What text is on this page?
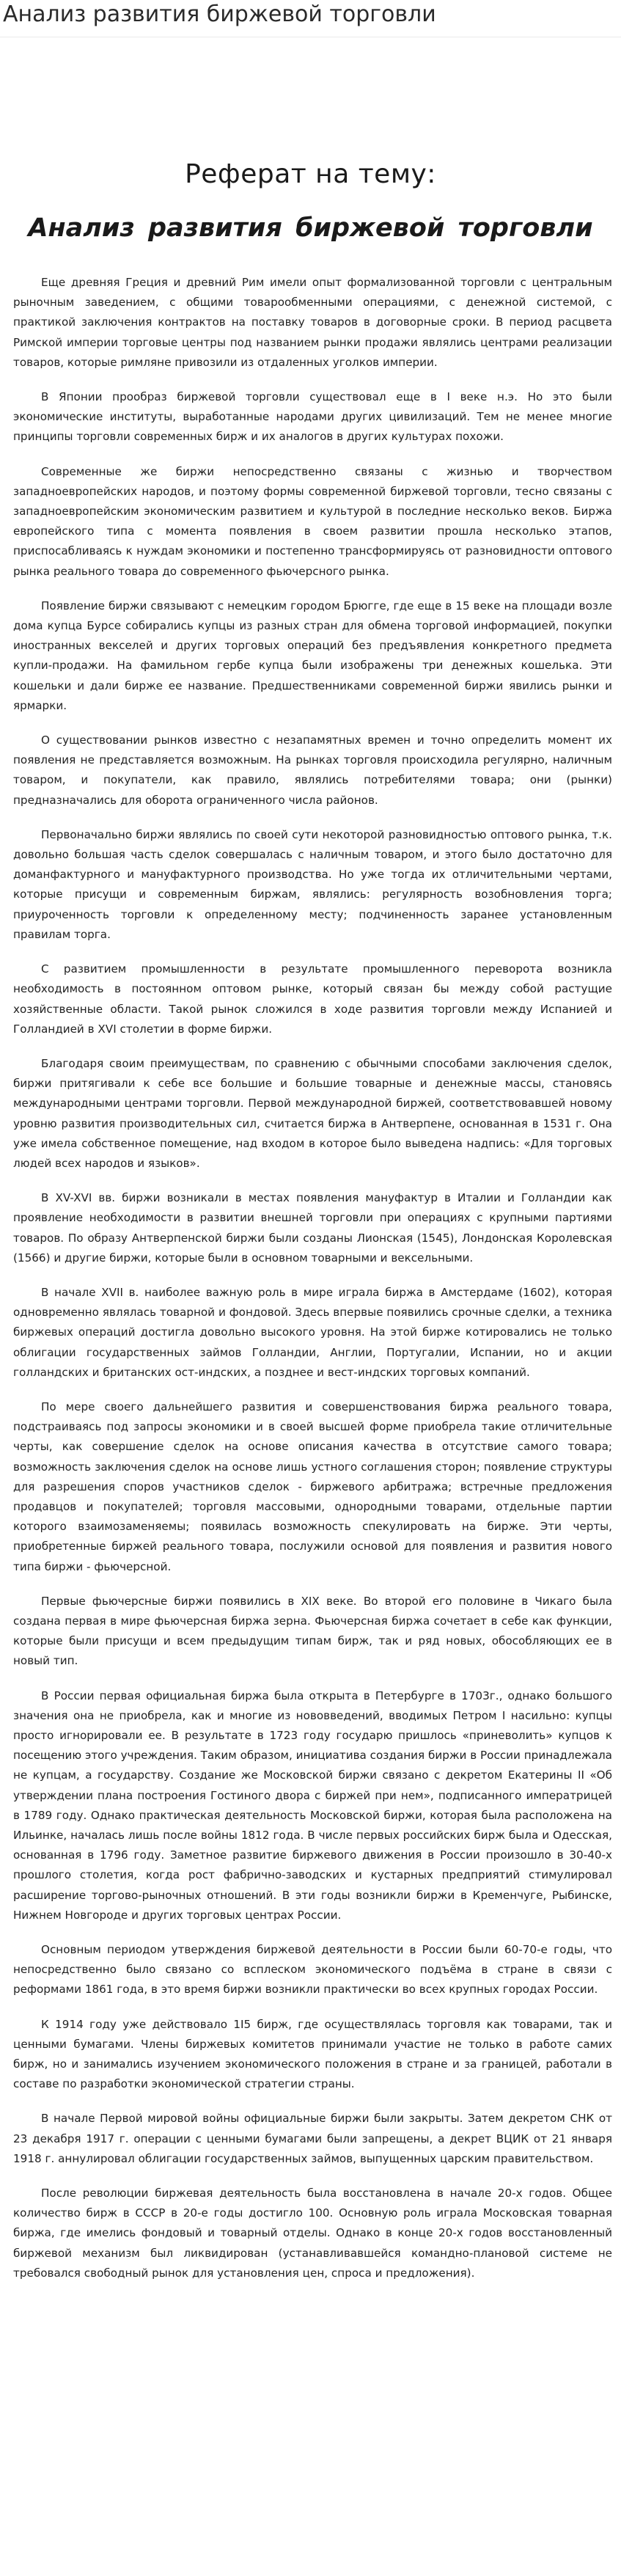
Анализ развития биржевой торговли
Реферат на тему:
Анализ развития биржевой торговли

Еще древняя Греция и древний Рим имели опыт формализованной торговли с центральным рыночным заведением, с общими товарообменными операциями, с денежной системой, с практикой заключения контрактов на поставку товаров в договорные сроки. В период расцвета Римской империи торговые центры под названием рынки продажи являлись центрами реализации товаров, которые римляне привозили из отдаленных уголков империи.

В Японии прообраз биржевой торговли существовал еще в I веке н.э. Но это были экономические институты, выработанные народами других цивилизаций. Тем не менее многие принципы торговли современных бирж и их аналогов в других культурах похожи.

Современные же биржи непосредственно связаны с жизнью и творчеством западноевропейских народов, и поэтому формы современной биржевой торговли, тесно связаны с западноевропейским экономическим развитием и культурой в последние несколько веков. Биржа европейского типа с момента появления в своем развитии прошла несколько этапов, приспосабливаясь к нуждам экономики и постепенно трансформируясь от разновидности оптового рынка реального товара до современного фьючерсного рынка.

Появление биржи связывают с немецким городом Брюгге, где еще в 15 веке на площади возле дома купца Бурсе собирались купцы из разных стран для обмена торговой информацией, покупки иностранных векселей и других торговых операций без предъявления конкретного предмета купли-продажи. На фамильном гербе купца были изображены три денежных кошелька. Эти кошельки и дали бирже ее название. Предшественниками современной биржи явились рынки и ярмарки.

О существовании рынков известно с незапамятных времен и точно определить момент их появления не представляется возможным. На рынках торговля происходила регулярно, наличным товаром, и покупатели, как правило, являлись потребителями товара; они (рынки) предназначались для оборота ограниченного числа районов.

Первоначально биржи являлись по своей сути некоторой разновидностью оптового рынка, т.к. довольно большая часть сделок совершалась с наличным товаром, и этого было достаточно для доманфактурного и мануфактурного производства. Но уже тогда их отличительными чертами, которые присущи и современным биржам, являлись: регулярность возобновления торга; приуроченность торговли к определенному месту; подчиненность заранее установленным правилам торга.

С развитием промышленности в результате промышленного переворота возникла необходимость в постоянном оптовом рынке, который связан бы между собой растущие хозяйственные области. Такой рынок сложился в ходе развития торговли между Испанией и Голландией в XVI столетии в форме биржи.

Благодаря своим преимуществам, по сравнению с обычными способами заключения сделок, биржи притягивали к себе все большие и большие товарные и денежные массы, становясь международными центрами торговли. Первой международной биржей, соответствовавшей новому уровню развития производительных сил, считается биржа в Антверпене, основанная в 1531 г. Она уже имела собственное помещение, над входом в которое было выведена надпись: «Для торговых людей всех народов и языков».

В XV-XVI вв. биржи возникали в местах появления мануфактур в Италии и Голландии как проявление необходимости в развитии внешней торговли при операциях с крупными партиями товаров. По образу Антверпенской биржи были созданы Лионская (1545), Лондонская Королевская (1566) и другие биржи, которые были в основном товарными и вексельными.

В начале XVII в. наиболее важную роль в мире играла биржа в Амстердаме (1602), которая одновременно являлась товарной и фондовой. Здесь впервые появились срочные сделки, а техника биржевых операций достигла довольно высокого уровня. На этой бирже котировались не только облигации государственных займов Голландии, Англии, Португалии, Испании, но и акции голландских и британских ост-индских, а позднее и вест-индских торговых компаний.

По мере своего дальнейшего развития и совершенствования биржа реального товара, подстраиваясь под запросы экономики и в своей высшей форме приобрела такие отличительные черты, как совершение сделок на основе описания качества в отсутствие самого товара; возможность заключения сделок на основе лишь устного соглашения сторон; появление структуры для разрешения споров участников сделок - биржевого арбитража; встречные предложения продавцов и покупателей; торговля массовыми, однородными товарами, отдельные партии которого взаимозаменяемы; появилась возможность спекулировать на бирже. Эти черты, приобретенные биржей реального товара, послужили основой для появления и развития нового типа биржи - фьючерсной.

Первые фьючерсные биржи появились в XIX веке. Во второй его половине в Чикаго была создана первая в мире фьючерсная биржа зерна. Фьючерсная биржа сочетает в себе как функции, которые были присущи и всем предыдущим типам бирж, так и ряд новых, обособляющих ее в новый тип.

В России первая официальная биржа была открыта в Петербурге в 1703г., однако большого значения она не приобрела, как и многие из нововведений, вводимых Петром I насильно: купцы просто игнорировали ее. В результате в 1723 году государю пришлось «приневолить» купцов к посещению этого учреждения. Таким образом, инициатива создания биржи в России принадлежала не купцам, а государству. Создание же Московской биржи связано с декретом Екатерины II «Об утверждении плана построения Гостиного двора с биржей при нем», подписанного императрицей в 1789 году. Однако практическая деятельность Московской биржи, которая была расположена на Ильинке, началась лишь после войны 1812 года. В числе первых российских бирж была и Одесская, основанная в 1796 году. Заметное развитие биржевого движения в России произошло в 30-40-х прошлого столетия, когда рост фабрично-заводских и кустарных предприятий стимулировал расширение торгово-рыночных отношений. В эти годы возникли биржи в Кременчуге, Рыбинске, Нижнем Новгороде и других торговых центрах России.

Основным периодом утверждения биржевой деятельности в России были 60-70-е годы, что непосредственно было связано со всплеском экономического подъёма в стране в связи с реформами 1861 года, в это время биржи возникли практически во всех крупных городах России.

К 1914 году уже действовало 1I5 бирж, где осуществлялась торговля как товарами, так и ценными бумагами. Члены биржевых комитетов принимали участие не только в работе самих бирж, но и занимались изучением экономического положения в стране и за границей, работали в составе по разработки экономической стратегии страны.

В начале Первой мировой войны официальные биржи были закрыты. Затем декретом СНК от 23 декабря 1917 г. операции с ценными бумагами были запрещены, а декрет ВЦИК от 21 января 1918 г. аннулировал облигации государственных займов, выпущенных царским правительством.

После революции биржевая деятельность была восстановлена в начале 20-х годов. Общее количество бирж в СССР в 20-е годы достигло 100. Основную роль играла Московская товарная биржа, где имелись фондовый и товарный отделы. Однако в конце 20-х годов восстановленный биржевой механизм был ликвидирован (устанавливавшейся командно-плановой системе не требовался свободный рынок для установления цен, спроса и предложения).
